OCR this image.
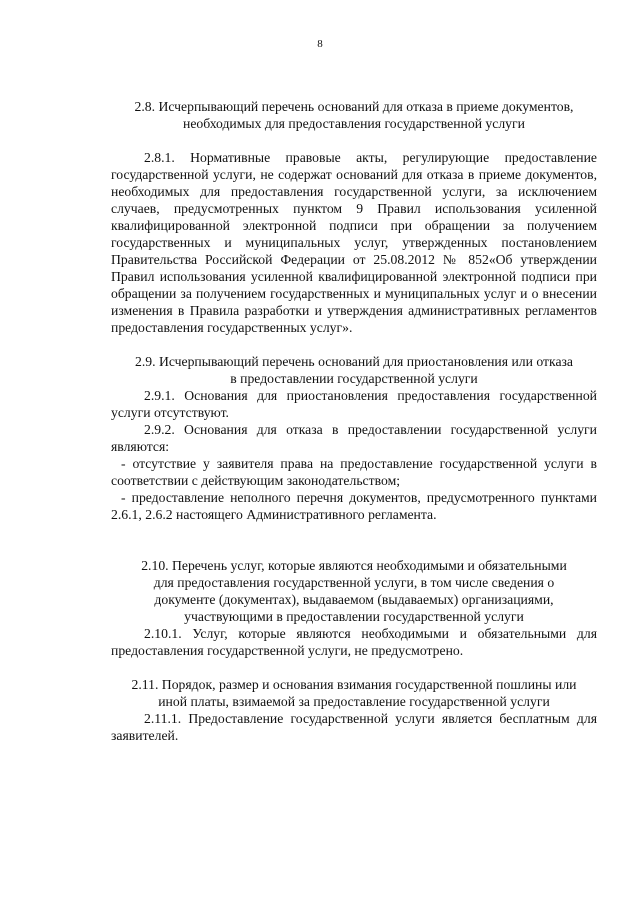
8

2.8. Исчерпывающий перечень оснований для отказа в приеме документов, необходимых для предоставления государственной услуги

2.8.1. Нормативные правовые акты, регулирующие предоставление государственной услуги, не содержат оснований для отказа в приеме документов, необходимых для предоставления государственной услуги, за исключением случаев, предусмотренных пунктом 9 Правил использования усиленной квалифицированной электронной подписи при обращении за получением государственных и муниципальных услуг, утвержденных постановлением Правительства Российской Федерации от 25.08.2012 № 852«Об утверждении Правил использования усиленной квалифицированной электронной подписи при обращении за получением государственных и муниципальных услуг и о внесении изменения в Правила разработки и утверждения административных регламентов предоставления государственных услуг».

2.9. Исчерпывающий перечень оснований для приостановления или отказа в предоставлении государственной услуги

2.9.1. Основания для приостановления предоставления государственной услуги отсутствуют.

2.9.2. Основания для отказа в предоставлении государственной услуги являются:

- отсутствие у заявителя права на предоставление государственной услуги в соответствии с действующим законодательством;

- предоставление неполного перечня документов, предусмотренного пунктами 2.6.1, 2.6.2 настоящего Административного регламента.

2.10. Перечень услуг, которые являются необходимыми и обязательными для предоставления государственной услуги, в том числе сведения о документе (документах), выдаваемом (выдаваемых) организациями, участвующими в предоставлении государственной услуги

2.10.1. Услуг, которые являются необходимыми и обязательными для предоставления государственной услуги, не предусмотрено.

2.11. Порядок, размер и основания взимания государственной пошлины или иной платы, взимаемой за предоставление государственной услуги

2.11.1. Предоставление государственной услуги является бесплатным для заявителей.
